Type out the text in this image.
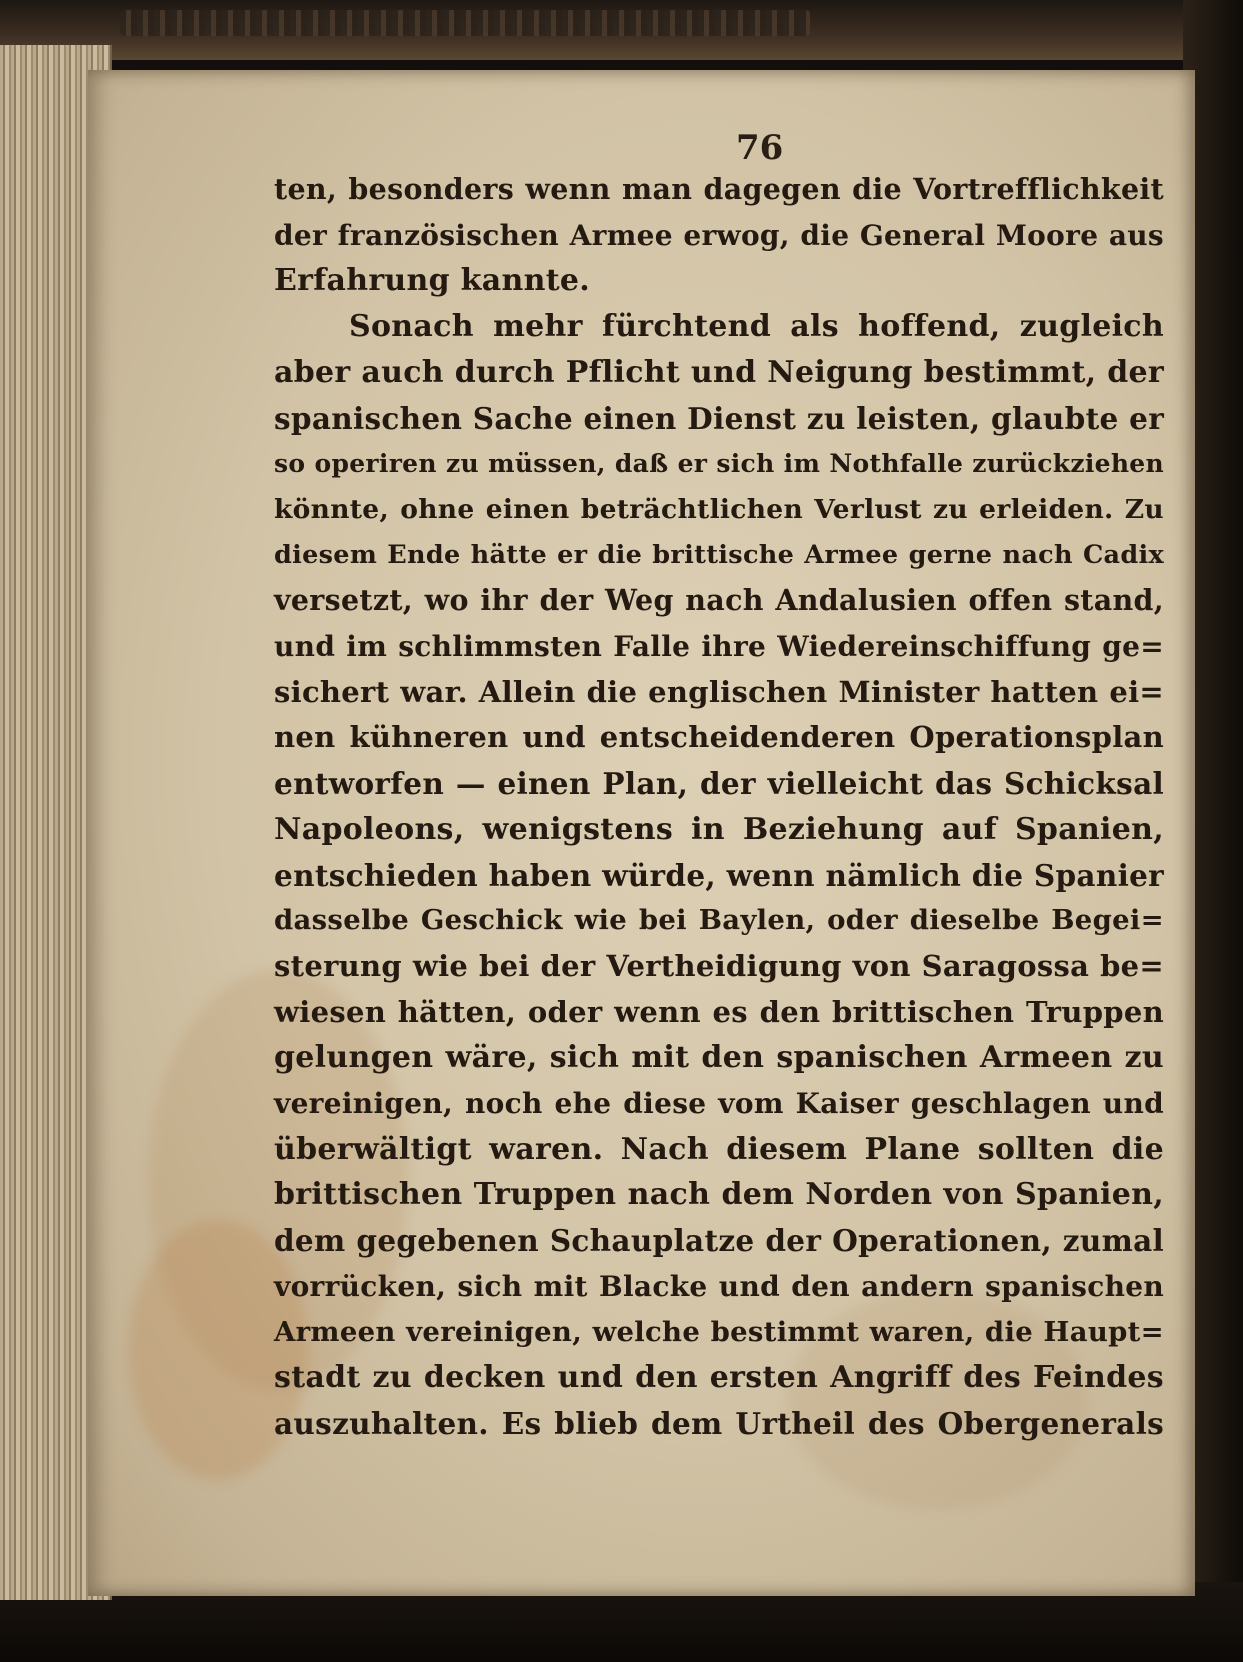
76
ten, besonders wenn man dagegen die Vortrefflichkeit
der französischen Armee erwog, die General Moore aus
Erfahrung kannte.
Sonach mehr fürchtend als hoffend, zugleich
aber auch durch Pflicht und Neigung bestimmt, der
spanischen Sache einen Dienst zu leisten, glaubte er
so operiren zu müssen, daß er sich im Nothfalle zurückziehen
könnte, ohne einen beträchtlichen Verlust zu erleiden. Zu
diesem Ende hätte er die brittische Armee gerne nach Cadix
versetzt, wo ihr der Weg nach Andalusien offen stand,
und im schlimmsten Falle ihre Wiedereinschiffung ge=
sichert war. Allein die englischen Minister hatten ei=
nen kühneren und entscheidenderen Operationsplan
entworfen — einen Plan, der vielleicht das Schicksal
Napoleons, wenigstens in Beziehung auf Spanien,
entschieden haben würde, wenn nämlich die Spanier
dasselbe Geschick wie bei Baylen, oder dieselbe Begei=
sterung wie bei der Vertheidigung von Saragossa be=
wiesen hätten, oder wenn es den brittischen Truppen
gelungen wäre, sich mit den spanischen Armeen zu
vereinigen, noch ehe diese vom Kaiser geschlagen und
überwältigt waren. Nach diesem Plane sollten die
brittischen Truppen nach dem Norden von Spanien,
dem gegebenen Schauplatze der Operationen, zumal
vorrücken, sich mit Blacke und den andern spanischen
Armeen vereinigen, welche bestimmt waren, die Haupt=
stadt zu decken und den ersten Angriff des Feindes
auszuhalten. Es blieb dem Urtheil des Obergenerals
